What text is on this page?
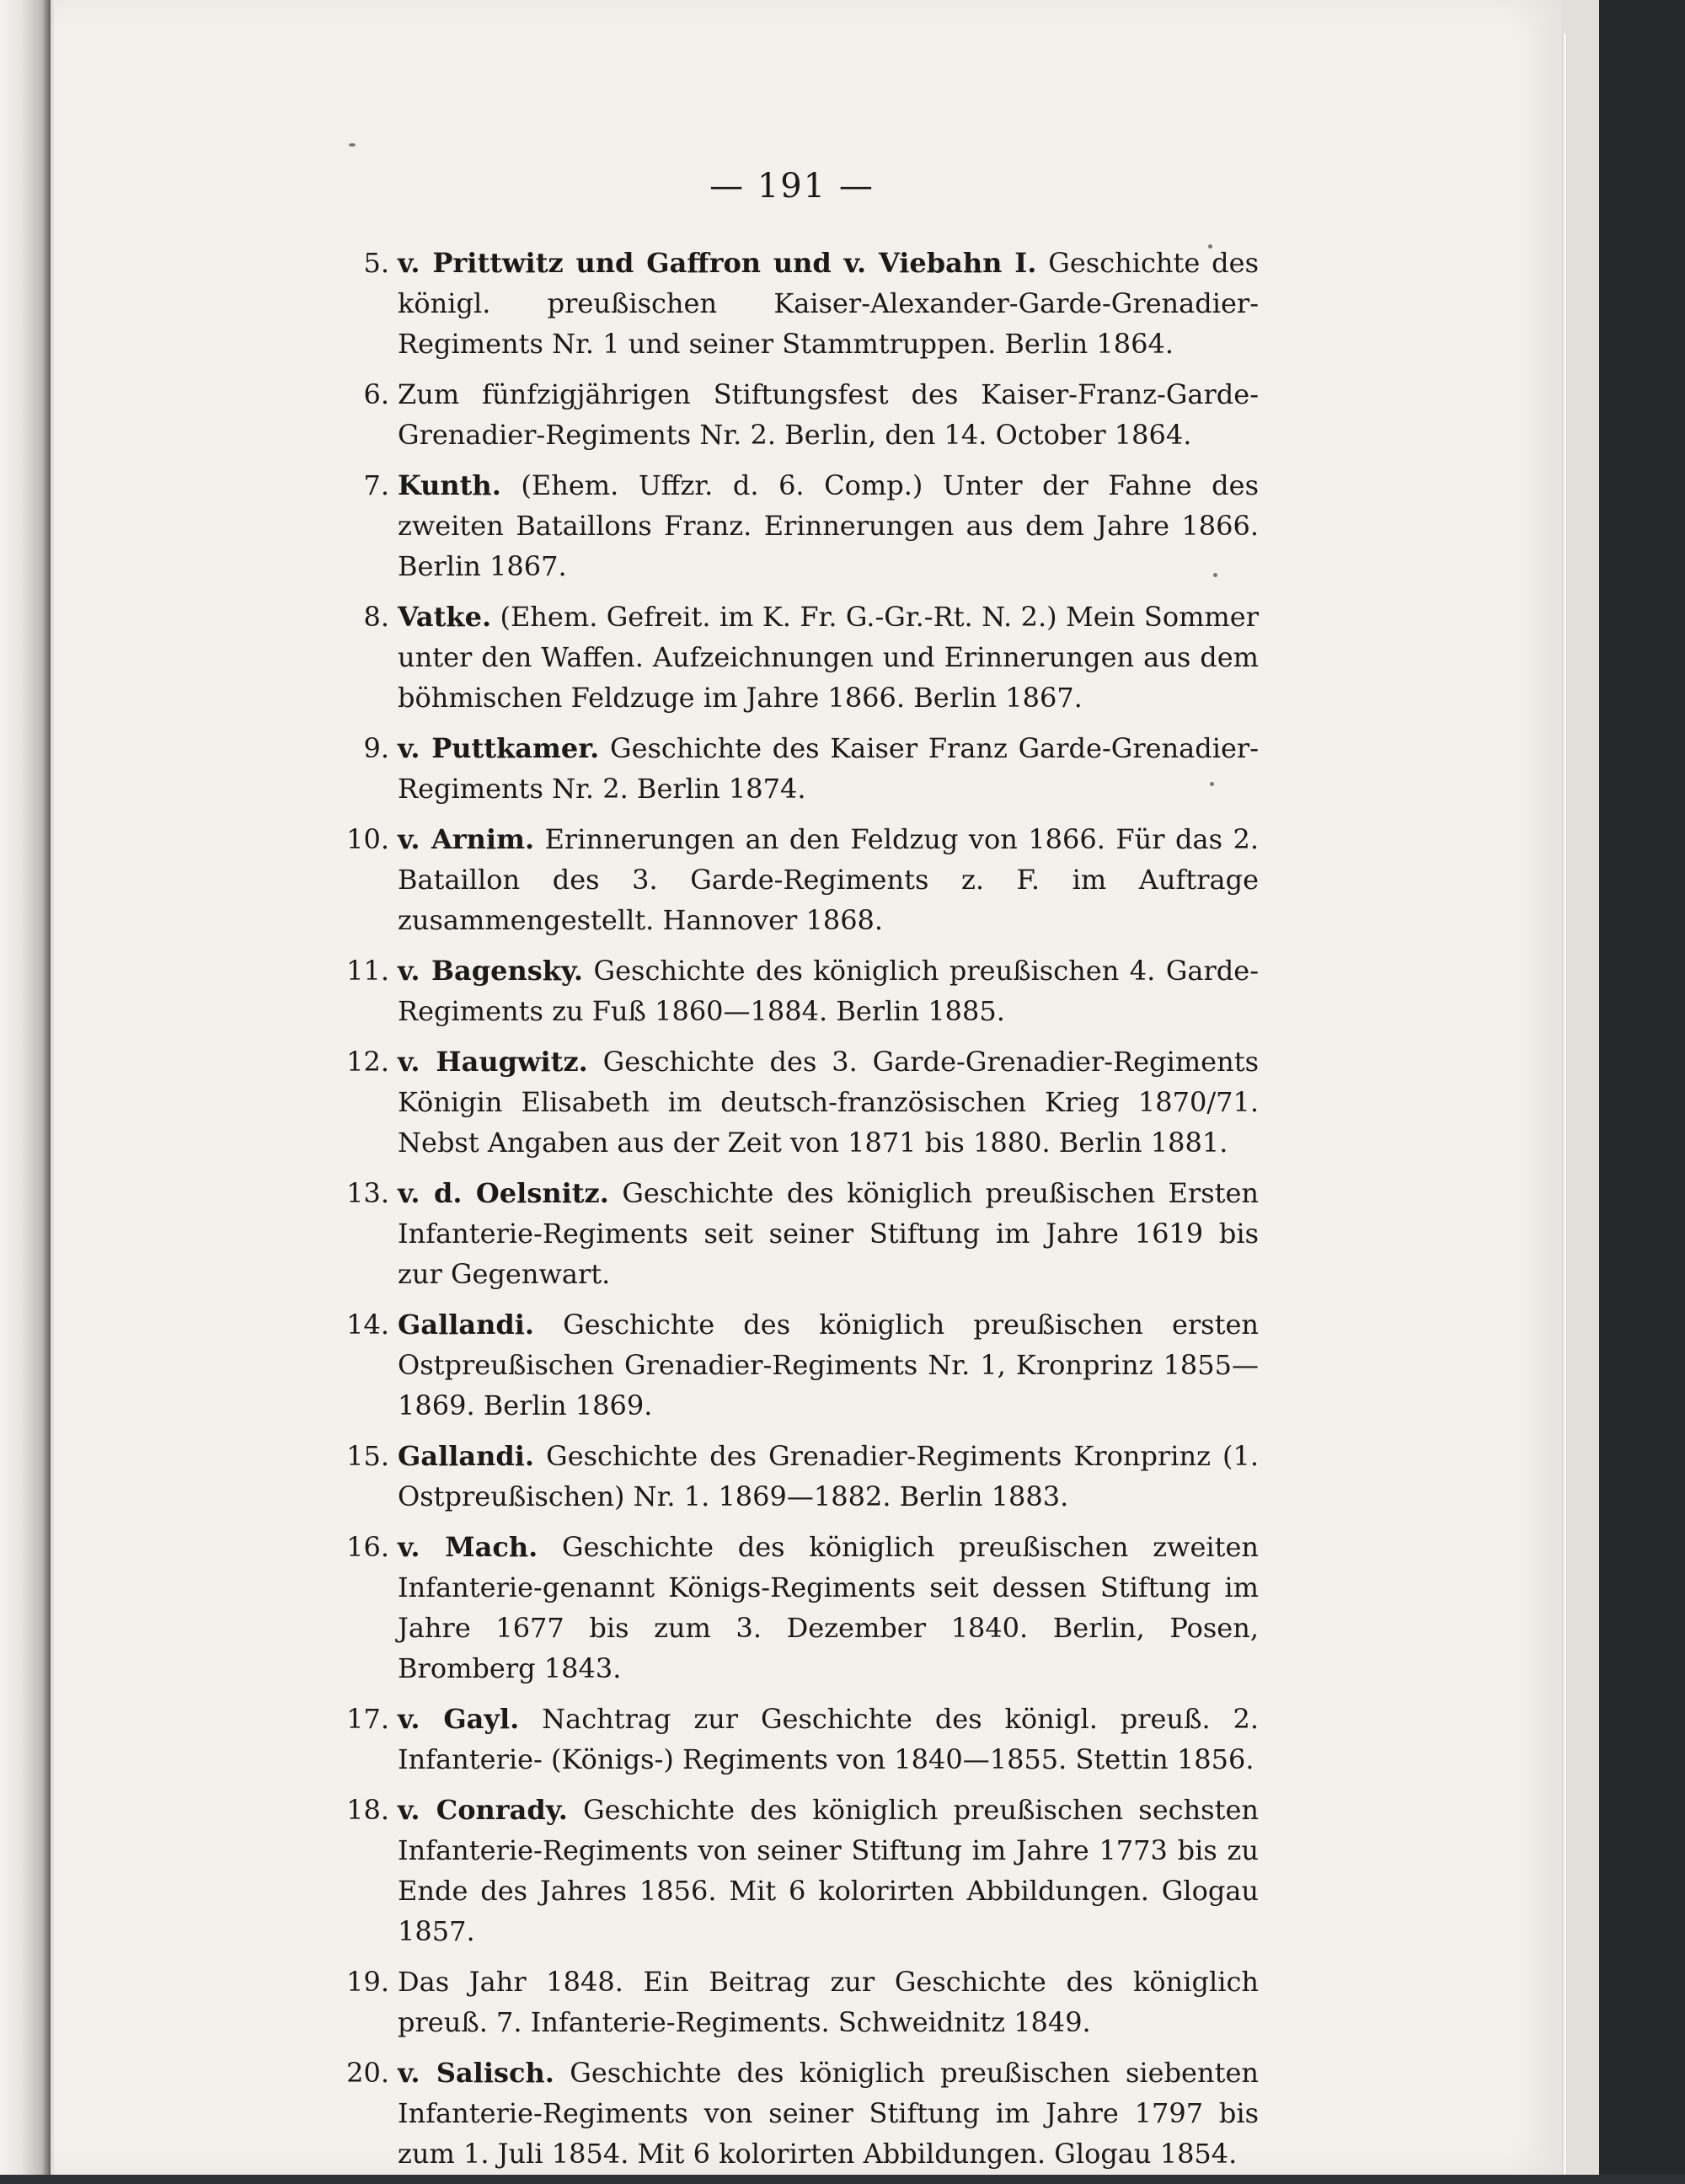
— 191 —
5. v. Prittwitz und Gaffron und v. Viebahn I. Geschichte des königl. preußischen Kaiser-Alexander-Garde-Grenadier-Regiments Nr. 1 und seiner Stammtruppen. Berlin 1864.
6. Zum fünfzigjährigen Stiftungsfest des Kaiser-Franz-Garde-Grenadier-Regiments Nr. 2. Berlin, den 14. October 1864.
7. Kunth. (Ehem. Uffzr. d. 6. Comp.) Unter der Fahne des zweiten Bataillons Franz. Erinnerungen aus dem Jahre 1866. Berlin 1867.
8. Vatke. (Ehem. Gefreit. im K. Fr. G.-Gr.-Rt. N. 2.) Mein Sommer unter den Waffen. Aufzeichnungen und Erinnerungen aus dem böhmischen Feldzuge im Jahre 1866. Berlin 1867.
9. v. Puttkamer. Geschichte des Kaiser Franz Garde-Grenadier-Regiments Nr. 2. Berlin 1874.
10. v. Arnim. Erinnerungen an den Feldzug von 1866. Für das 2. Bataillon des 3. Garde-Regiments z. F. im Auftrage zusammengestellt. Hannover 1868.
11. v. Bagensky. Geschichte des königlich preußischen 4. Garde-Regiments zu Fuß 1860—1884. Berlin 1885.
12. v. Haugwitz. Geschichte des 3. Garde-Grenadier-Regiments Königin Elisabeth im deutsch-französischen Krieg 1870/71. Nebst Angaben aus der Zeit von 1871 bis 1880. Berlin 1881.
13. v. d. Oelsnitz. Geschichte des königlich preußischen Ersten Infanterie-Regiments seit seiner Stiftung im Jahre 1619 bis zur Gegenwart.
14. Gallandi. Geschichte des königlich preußischen ersten Ostpreußischen Grenadier-Regiments Nr. 1, Kronprinz 1855—1869. Berlin 1869.
15. Gallandi. Geschichte des Grenadier-Regiments Kronprinz (1. Ostpreußischen) Nr. 1. 1869—1882. Berlin 1883.
16. v. Mach. Geschichte des königlich preußischen zweiten Infanterie-genannt Königs-Regiments seit dessen Stiftung im Jahre 1677 bis zum 3. Dezember 1840. Berlin, Posen, Bromberg 1843.
17. v. Gayl. Nachtrag zur Geschichte des königl. preuß. 2. Infanterie- (Königs-) Regiments von 1840—1855. Stettin 1856.
18. v. Conrady. Geschichte des königlich preußischen sechsten Infanterie-Regiments von seiner Stiftung im Jahre 1773 bis zu Ende des Jahres 1856. Mit 6 kolorirten Abbildungen. Glogau 1857.
19. Das Jahr 1848. Ein Beitrag zur Geschichte des königlich preuß. 7. Infanterie-Regiments. Schweidnitz 1849.
20. v. Salisch. Geschichte des königlich preußischen siebenten Infanterie-Regiments von seiner Stiftung im Jahre 1797 bis zum 1. Juli 1854. Mit 6 kolorirten Abbildungen. Glogau 1854.
